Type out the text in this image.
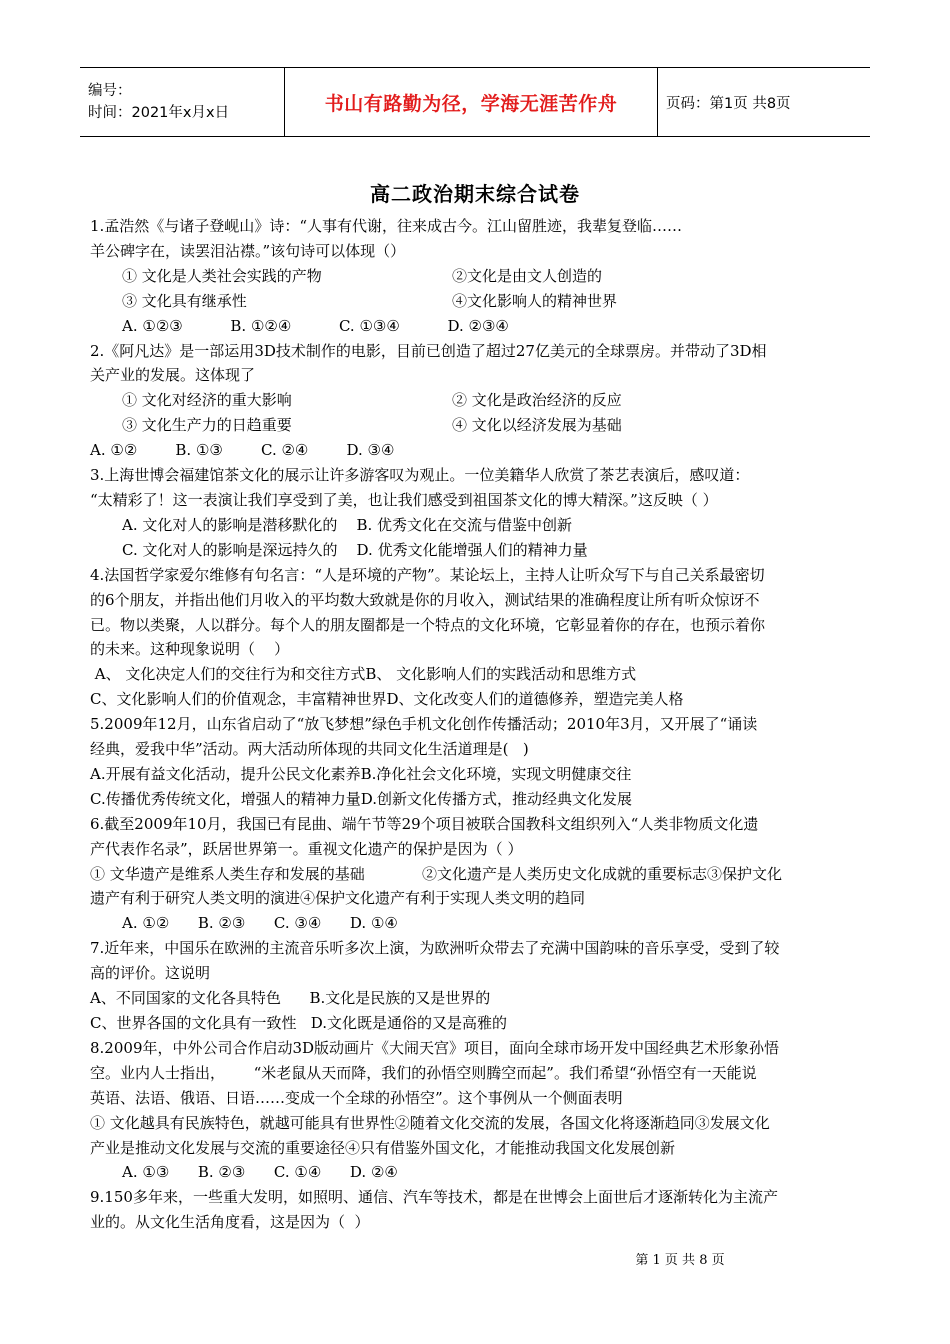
编号：
时间：2021年x月x日	书山有路勤为径，学海无涯苦作舟	页码：第1页 共8页
高二政治期末综合试卷
1.孟浩然《与诸子登岘山》诗：“人事有代谢，往来成古今。江山留胜迹，我辈复登临……
羊公碑字在，读罢泪沾襟。”该句诗可以体现（）
① 文化是人类社会实践的产物	②文化是由文人创造的
③ 文化具有继承性	④文化影响人的精神世界
A. ①②③          B. ①②④          C. ①③④          D. ②③④
2.《阿凡达》是一部运用3D技术制作的电影，目前已创造了超过27亿美元的全球票房。并带动了3D相
关产业的发展。这体现了
① 文化对经济的重大影响	② 文化是政治经济的反应
③ 文化生产力的日趋重要	④ 文化以经济发展为基础
A. ①②        B. ①③        C. ②④        D. ③④
3.上海世博会福建馆茶文化的展示让许多游客叹为观止。一位美籍华人欣赏了茶艺表演后，感叹道：
“太精彩了！这一表演让我们享受到了美，也让我们感受到祖国茶文化的博大精深。”这反映（ ）
A. 文化对人的影响是潜移默化的    B. 优秀文化在交流与借鉴中创新
C. 文化对人的影响是深远持久的    D. 优秀文化能增强人们的精神力量
4.法国哲学家爱尔维修有句名言：“人是环境的产物”。某论坛上，主持人让听众写下与自己关系最密切
的6个朋友，并指出他们月收入的平均数大致就是你的月收入，测试结果的准确程度让所有听众惊讶不
已。物以类聚，人以群分。每个人的朋友圈都是一个特点的文化环境，它彰显着你的存在，也预示着你
的未来。这种现象说明（    ）
A、 文化决定人们的交往行为和交往方式B、 文化影响人们的实践活动和思维方式
C、文化影响人们的价值观念，丰富精神世界D、文化改变人们的道德修养，塑造完美人格
5.2009年12月，山东省启动了“放飞梦想”绿色手机文化创作传播活动；2010年3月，又开展了“诵读
经典，爱我中华”活动。两大活动所体现的共同文化生活道理是(   )
A.开展有益文化活动，提升公民文化素养B.净化社会文化环境，实现文明健康交往
C.传播优秀传统文化，增强人的精神力量D.创新文化传播方式，推动经典文化发展
6.截至2009年10月，我国已有昆曲、端午节等29个项目被联合国教科文组织列入“人类非物质文化遗
产代表作名录”，跃居世界第一。重视文化遗产的保护是因为（ ）
① 文华遗产是维系人类生存和发展的基础            ②文化遗产是人类历史文化成就的重要标志③保护文化
遗产有利于研究人类文明的演进④保护文化遗产有利于实现人类文明的趋同
A. ①②      B. ②③      C. ③④      D. ①④
7.近年来，中国乐在欧洲的主流音乐听多次上演，为欧洲听众带去了充满中国韵味的音乐享受，受到了较
高的评价。这说明
A、不同国家的文化各具特色      B.文化是民族的又是世界的
C、世界各国的文化具有一致性   D.文化既是通俗的又是高雅的
8.2009年，中外公司合作启动3D版动画片《大闹天宫》项目，面向全球市场开发中国经典艺术形象孙悟
空。业内人士指出，      “米老鼠从天而降，我们的孙悟空则腾空而起”。我们希望“孙悟空有一天能说
英语、法语、俄语、日语……变成一个全球的孙悟空”。这个事例从一个侧面表明
① 文化越具有民族特色，就越可能具有世界性②随着文化交流的发展，各国文化将逐渐趋同③发展文化
产业是推动文化发展与交流的重要途径④只有借鉴外国文化，才能推动我国文化发展创新
A. ①③      B. ②③      C. ①④      D. ②④
9.150多年来，一些重大发明，如照明、通信、汽车等技术，都是在世博会上面世后才逐渐转化为主流产
业的。从文化生活角度看，这是因为（  ）
第 1 页 共 8 页
